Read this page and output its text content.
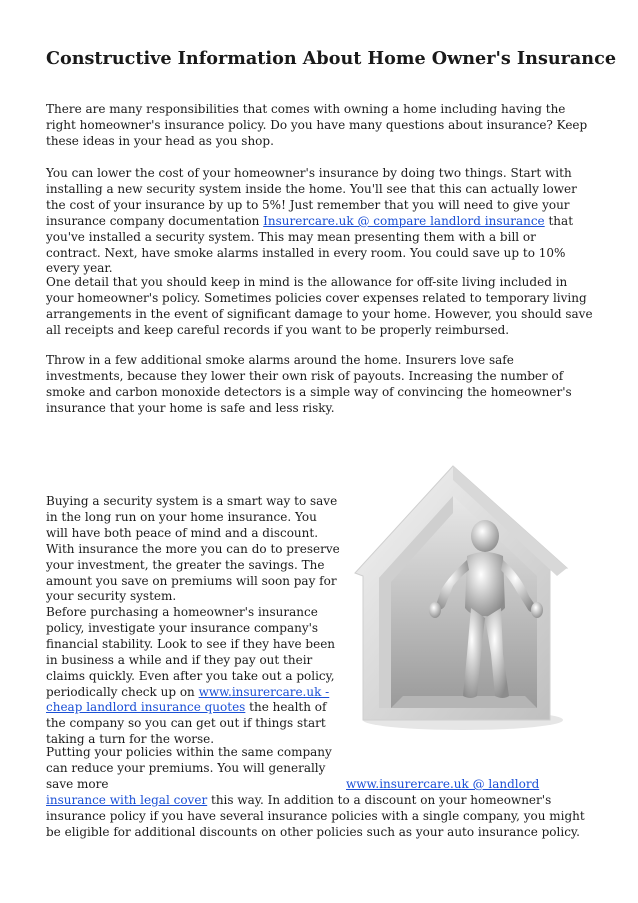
Constructive Information About Home Owner's Insurance

There are many responsibilities that comes with owning a home including having the right homeowner's insurance policy. Do you have many questions about insurance? Keep these ideas in your head as you shop.

You can lower the cost of your homeowner's insurance by doing two things. Start with installing a new security system inside the home. You'll see that this can actually lower the cost of your insurance by up to 5%! Just remember that you will need to give your insurance company documentation Insurercare.uk @ compare landlord insurance that you've installed a security system. This may mean presenting them with a bill or contract. Next, have smoke alarms installed in every room. You could save up to 10% every year.

One detail that you should keep in mind is the allowance for off-site living included in your homeowner's policy. Sometimes policies cover expenses related to temporary living arrangements in the event of significant damage to your home. However, you should save all receipts and keep careful records if you want to be properly reimbursed.

Throw in a few additional smoke alarms around the home. Insurers love safe investments, because they lower their own risk of payouts. Increasing the number of smoke and carbon monoxide detectors is a simple way of convincing the homeowner's insurance that your home is safe and less risky.

Buying a security system is a smart way to save in the long run on your home insurance. You will have both peace of mind and a discount. With insurance the more you can do to preserve your investment, the greater the savings. The amount you save on premiums will soon pay for your security system.

Before purchasing a homeowner's insurance policy, investigate your insurance company's financial stability. Look to see if they have been in business a while and if they pay out their claims quickly. Even after you take out a policy, periodically check up on www.insurercare.uk - cheap landlord insurance quotes the health of the company so you can get out if things start taking a turn for the worse.

Putting your policies within the same company can reduce your premiums. You will generally save more	www.insurercare.uk @ landlord insurance with legal cover this way. In addition to a discount on your homeowner's insurance policy if you have several insurance policies with a single company, you might be eligible for additional discounts on other policies such as your auto insurance policy.
